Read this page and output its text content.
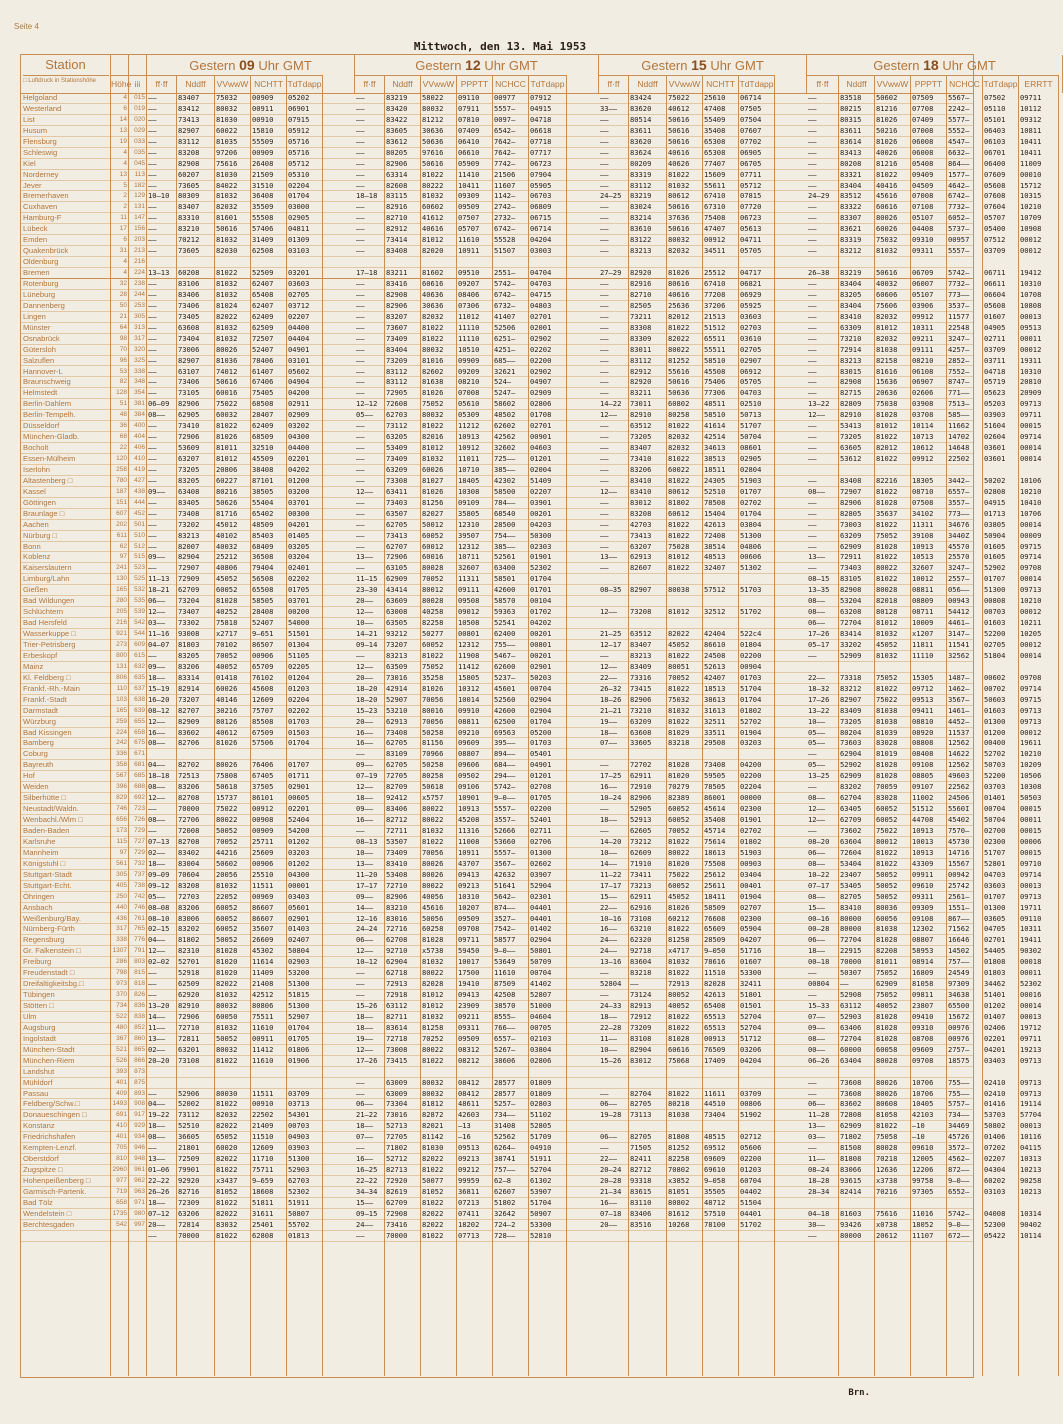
Seite 4
Mittwoch, den 13. Mai 1953
Station
□ Luftdruck in Stationshöhe	Höhe iii
Gestern 09 Uhr GMT
ff·ff	Nddff	VVwwW NCHTT TdTdapp
Gestern 12 Uhr GMT
ff·ff	Nddff	VVwwW PPPTT NCHCC TdTdapp
Gestern 15 Uhr GMT
ff·ff	Nddff	VVwwW NCHTT TdTdapp
Gestern 18 Uhr GMT
ff·ff	Nddff	VVwwW PPPTT NCHCC TdTdapp ERRTT
Helgoland	4	015 ——	83407	75032	00909	05202	——	83219	58022	09110	00977	07912	——	83424	75022	25610	06714	——	83518	50602	07509	5567—	07502	09711
Westerland	6	019 ——	83412	80032	00911	06901	——	83420	80032	07911	5557—	04915	33——	83620	40612	47408	07505	——	80215	81216	07708	2242—	05110	10112
List	14	020 ——	73413	81030	00910	07915	——	83422	81212	07810	0097—	04718	——	80514	50616	55409	07504	——	80315	81026	07409	5577—	05101	09312
Husum	13	029 ——	82907	60022	15810	05912	——	83605	30636	07409	6542—	06618	——	83611	50616	35408	07607	——	83611	50216	07008	5552—	06403	10811
Flensburg	19	033 ——	83112	81035	55509	05716	——	83612	50636	06410	7642—	07718	——	83620	50616	65308	07702	——	83614	81026	06008	4547—	06103	10411
Schleswig	4	035 ——	83208	97206	00909	05716	——	80205	97616	06610	7642—	07717	——	83624	40616	65308	06905	——	83413	40026	06008	6632—	06701	10411
Kiel	4	045 ——	82908	75616	26408	05712	——	82906	50616	05909	7742—	06723	——	80209	40626	77407	06705	——	80208	81216	05408	864——	06400	11009
Norderney	13	113 ——	60207	81030	21509	05310	——	63314	81022	11410	21506	07904	——	83319	81022	15609	07711	——	83321	81022	09409	1577—	07609	00010
Jever	5	182 ——	73605	84022	31510	02204	——	82608	80222	10411	11607	05905	——	83112	81032	55611	05712	——	83404	40416	04509	4642—	05608	15712
Bremerhaven	2	129 10–10	80309	81032	36408	01704	18–18	83115	81032	09309	1142—	06703	24–25	83219	80612	67410	07815	24–29	83512	45616	07008	6742—	07608	10315
Cuxhaven	2	131 ——	83407	82032	35509	03000	——	82916	60602	09509	2742—	06809	——	83024	50616	67310	07720	——	83322	60616	07108	7732—	07604	10210
Hamburg-F	11	147 ——	83310	81601	55508	02905	——	82710	41612	07507	2732—	06715	——	83214	37636	75408	06723	——	83307	80026	05107	6052—	05707	10709
Lübeck	17	156 ——	83210	50616	57406	04811	——	82912	40616	05707	6742—	06714	——	83610	50616	47407	05613	——	83621	60026	04408	5737—	05400	10908
Emden	6	203 ——	70212	81032	31409	01309	——	73414	81012	11610	55528	04204	——	83122	80032	00912	04711	——	83319	75032	09310	00957	07512	00012
Quakenbrück	31	213 ——	73605	82030	62508	03103	——	83408	82020	10911	51507	03003	——	83213	82032	34511	05705	——	83212	81032	09311	5557—	03709	00012
Oldenburg	4	216
Bremen	4	224 13–13	60208	81022	52509	03201	17–18	83211	81602	09510	2551—	04704	27–29	82920	81026	25512	04717	26–38	83219	50616	06709	5742—	06711	19412
Rotenburg	32	238 ——	83106	81032	62407	03603	——	83416	60616	09207	5742—	04703	——	82916	80616	67410	06821	——	83404	40032	06007	7732—	06611	10310
Lüneburg	28	244 ——	83406	81032	65408	02705	——	82908	40636	08406	6742—	04715	——	82710	40616	77208	06929	——	83205	60606	05107	773——	06604	10708
Dannenberg	50	253 ——	73406	81024	62407	03712	——	82906	30636	07306	6732—	04803	——	82505	25636	37206	05925	——	83404	75606	03906	3537—	05608	10808
Lingen	21	305 ——	73405	82022	62409	02207	——	83207	82032	11012	41407	02701	——	73211	82012	21513	03603	——	83410	82032	09912	11577	01607	00013
Münster	64	313 ——	63608	81032	62509	04400	——	73607	81022	11110	52506	02001	——	83308	81022	51512	02703	——	63309	81012	10311	22548	04905	09513
Osnabrück	98	317 ——	73404	81032	72507	04404	——	73409	81022	11110	6251—	02902	——	83309	82022	65511	03610	——	73210	82032	09211	3247—	02711	00011
Gütersloh	70	320 ——	73006	80026	52407	04901	——	83404	80032	10510	4251—	02202	——	83011	80022	55511	02705	——	72914	81038	09111	4257—	03709	00012
Salzuflen	96	325 ——	82907	81036	78406	03101	——	73209	81016	09909	685——	02200	——	83112	81252	58510	02907	——	83213	82158	08210	2852—	03711	19311
Hannover-L	53	338 ——	63107	74012	61407	05602	——	83112	82602	09209	32621	02902	——	82912	55616	45508	06912	——	83015	81616	06108	7552—	04718	10310
Braunschweig	82	348 ——	73406	50616	67406	04904	——	83112	81638	08210	524—	04907	——	82920	50616	75406	05705	——	82908	15636	06907	8747—	05719	20810
Helmstedt	128	354 ——	73105	60016	75405	04200	——	72905	81026	07008	5247—	02909	——	83211	50636	77306	04703	——	82715	20636	02606	771——	05623	20909
Berlin-Dahlem	51	381 06–09	82906	75022	68508	02911	12–12	72608	75052	05610	58602	02806	14–22	73011	60802	48511	02510	13–22	82809	75038	03908	7513—	05203	09713
Berlin-Tempelh.	48	384 08——	62905	60032	28407	02909	05——	62703	80032	05309	48502	01708	12——	82910	80258	58510	50713	12——	82910	81028	03708	585——	03903	09711
Düsseldorf	36	400 ——	73410	81022	62409	03202	——	73112	81022	11212	62602	02701	——	63512	81022	41614	51707	——	53413	81012	10114	11662	51604	00015
München-Gladb.	68	404 ——	72906	81026	68509	04300	——	63205	82016	10913	42562	00901	——	73205	82032	42514	50704	——	73205	81022	10713	14702	02604	09714
Bocholt	22	406 ——	53609	81011	32510	04400	——	53409	81012	10912	32602	04603	——	83407	82032	34613	08601	——	63605	82012	10612	14648	03601	00014
Essen-Mülheim	120	410 ——	63207	81012	45509	02201	——	73409	81032	11011	725——	01201	——	73410	81022	38513	02905	——	53612	81022	09912	22502	03601	00014
Iserlohn	258	419 ——	73205	20806	38408	04202	——	63209	60026	10710	385——	02004	——	83206	60022	18511	02804
Altastenberg □	780	427 ——	83205	60227	87101	01200	——	73308	81027	18405	42302	51409	——	83410	81022	24305	51903	——	83408	82216	18305	3442—	50202	10106
Kassel	187	438 09——	63408	80216	38505	03200	12——	63411	81026	10308	58500	02207	12——	83410	80612	52510	01707	08——	72907	81022	08710	6557—	02808	10210
Göttingen	151	444 ——	83405	50626	55404	03701	——	73403	81256	09109	784——	03901	——	83012	81802	78508	02702	——	82906	81028	07508	3557—	04915	10410
Braunlage □	607	452 ——	73408	81716	65402	00300	——	63507	82027	35805	68540	00201	——	83208	60612	15404	01704	——	82805	35637	34102	773——	01713	10706
Aachen	202	501 ——	73202	45012	48509	04201	——	62705	50012	12310	28500	04203	——	42703	81022	42613	03804	——	73003	81022	11311	34676	03805	00014
Nürburg □	611	510 ——	83213	40102	85403	01405	——	73413	60052	39507	754——	50300	——	73413	81022	72408	51300	——	63209	75052	39108	3440Z	50904	00009
Bonn	62	512 ——	82007	40032	68409	03205	——	62707	60012	12312	385——	02303	——	63207	75028	38514	04806	——	62909	81028	10913	45570	01605	09715
Koblenz	97	515 09——	82904	25212	36508	03204	13——	72906	60016	10711	52561	01901	13——	62913	81012	48513	00606	13——	72911	81022	10513	25570	01605	09714
Kaiserslautern	241	523 ——	72907	40806	79404	02401	——	63105	80028	32607	63400	52302	——	82607	81022	32407	51302	——	73403	80022	32607	3247—	52902	09708
Limburg/Lahn	130	525 11–13	72909	45052	56508	02202	11–15	62909	70052	11311	58501	01704	08–15	83105	81022	10012	2557—	01707	00014
Gießen	165	532 18–21	62709	60052	65508	01705	23–30	43414	80012	09111	42600	01701	08–35	82907	80038	57512	51703	13–35	82908	80028	08811	056——	51300	09713
Bad Wildungen	280	535 06——	73204	81028	58505	03701	20——	63609	80028	09508	58570	00104	08——	53204	82018	08809	00943	00808	10210
Schlüchtern	205	539 12——	73407	40252	28408	00200	12——	63008	40258	09012	59363	01702	12——	73208	81012	32512	51702	08——	63208	80128	08711	54412	00703	00012
Bad Hersfeld	216	542 03——	73302	75818	52407	54000	10——	63505	82258	10508	52541	04202	06——	72704	81012	10009	4461—	01603	10211
Wasserkuppe □	921	544 11–16	93008	x2717	9—651	51501	14–21	93212	50277	00801	62400	00201	21–25	63512	82022	42404	522c4	17–26	83414	81032	x1207	3147—	52200	10205
Trier-Petrisberg	273	609 04–07	81803	70102	86507	01304	09–14	73207	60052	12312	755——	00801	12–17	83407	45052	86610	01804	05–17	33202	45052	11811	11541	02705	00012
Erbeskopf	800	615 ——	83205	70052	00906	51105	——	83213	81022	11908	5467—	00201	——	83213	81022	24508	02200	——	52909	81032	11110	32562	51804	00014
Mainz	131	632 09——	83206	40052	65709	02205	12——	63509	75052	11412	62600	02901	12——	83409	80051	52613	00904
Kl. Feldberg □	806	635 18——	83314	01418	76102	01204	20——	73016	35258	15805	5237—	50203	22——	73316	70052	42407	01703	22——	73318	75052	15305	1487—	00602	09708
Frankf.-Rh.-Main	110	637 15–19	82914	60026	45608	01203	18–20	42914	81026	10312	45601	00704	26–32	73415	81022	18513	51704	18–32	83212	81022	09712	1462—	00702	09714
Frankf.-Stadt	103	638 16–20	73207	40146	12609	02204	18–20	52907	70056	10014	52560	02904	18–26	82906	75032	38613	01704	17–26	82907	75022	09513	3567—	50603	09715
Darmstadt	165	639 08–12	82707	30216	75707	02202	15–23	53210	80016	09910	42600	02904	21–21	73210	81032	31613	01802	13–22	83409	81038	09411	1461—	01603	09713
Würzburg	259	655 12——	82909	80126	85508	01703	20——	62913	70056	08811	62500	01704	19——	63209	81022	32511	52702	10——	73205	81038	08810	4452—	01300	09713
Bad Kissingen	224	658 16——	83602	40612	67509	01503	16——	73408	50258	09210	69563	05200	18——	63608	81029	33511	01904	05——	80204	81039	08920	11537	01200	00012
Bamberg	242	675 08——	82706	81026	57506	01704	16——	62705	81156	09609	395——	01703	07——	33605	83218	29508	03203	05——	73603	83028	08808	12562	00400	19611
Coburg	336	671	——	83109	70966	08807	894——	05401	——	62904	81019	08408	14622	52702	10210
Bayreuth	358	681 04——	82702	80026	76406	01707	09——	62705	50258	09606	684——	04901	——	72702	81028	73408	04200	05——	52902	81028	09108	12562	50703	10209
Hof	567	685 18–18	72513	75808	67405	01711	07–19	72705	80258	09502	294——	01201	17–25	62911	81020	59505	02200	13–25	62909	81028	08805	49603	52200	10506
Weiden	396	688 08——	83206	50618	37505	02901	12——	82709	50618	09106	5742—	02708	16——	72910	70279	78505	02204	——	83202	70059	09107	22562	03703	10308
Silberhütte □	829	692 12——	82708	15737	86101	00605	18——	92412	x5757	10901	9—0——	01705	10–24	82906	82389	86001	00000	08——	62704	83028	11002	24506	01401	50503
Neustadt/Waldn.	746	723 ——	70000	75022	00912	02201	09——	83406	80022	10913	5557—	02200	——	52905	60052	45614	02300	12——	63405	60052	51512	5560I	00704	00015
Wenbachl./Wlm □	656	726 08——	72706	80022	00908	52404	16——	82712	80022	45208	3557—	52401	18——	52913	60052	35408	01901	12——	62709	60052	44708	45402	50704	00011
Baden-Baden	173	729 ——	72008	50052	00909	54200	——	72711	81032	11316	52666	02711	——	62605	70052	45714	02702	——	73602	75022	10913	7570—	02700	00015
Karlsruhe	115	727 07–13	82708	70052	25711	01202	08–13	53507	81022	11008	53660	02706	14–20	73212	81022	75614	01802	08–20	63604	80012	10013	45730	02300	00006
Mannheim	97	729 02——	83402	44216	25609	03203	10——	73409	70056	10911	5557—	01300	10——	62609	80022	18613	51903	06——	72604	81022	10913	14716	51707	00015
Königstuhl □	561	732 18——	83004	50602	00906	01202	13——	83410	80026	43707	3567—	02602	14——	71910	81020	75508	00903	08——	53404	81022	43309	15567	52801	09710
Stuttgart-Stadt	305	737 09–09	70604	20056	25510	04300	11–20	53408	80026	09413	42632	03907	11–22	73411	75022	25612	03404	10–22	23407	50052	09911	00942	04703	09714
Stuttgart-Echt.	405	738 09–12	83208	81032	11511	00001	17–17	72710	80022	09213	51641	52904	17–17	73213	60052	25611	00401	07–17	53405	50052	09610	25742	03603	00013
Öhringen	250	742 05——	72703	22052	00969	03403	09——	82906	40056	10310	5642—	02301	15——	62911	45052	18411	01904	08——	82705	50052	09311	2561—	01707	09713
Ansbach	440	746 08–08	83206	60052	86607	05601	14——	83210	45616	10207	874——	04401	22——	62916	81026	58509	02707	15——	83410	80036	09309	1551—	01300	19711
Weißenburg/Bay.	436	761 08–10	83006	60052	86607	02901	12–16	83016	50056	09509	3527—	04401	10–16	73108	60212	76608	02300	00–16	80000	60056	09108	867——	03605	09110
Nürnberg-Fürth	317	765 02–15	83202	60052	35607	01403	24–24	72716	60258	09708	7542—	01402	16——	63210	81022	65609	05904	00–28	80000	81038	12302	71562	04705	10311
Regensburg	338	776 04——	81802	50052	26609	02407	06——	62708	81028	09711	58577	02904	24——	62320	81258	28509	04207	06——	72704	81028	08807	16646	02701	19411
Gr. Falkenstein □	1307	791 12——	82310	81028	45302	50804	12——	92710	x5738	59450	9—0——	50801	24——	92718	x4717	9—050	51716	18——	22915	82208	58953	14502	54405	90302
Freiburg	286	803 02–02	52701	81020	11614	02903	10–12	62904	81032	10017	53649	50709	13–16	83604	81032	78616	01607	00–18	70000	81011	08914	757——	01808	00018
Freudenstadt □	798	815 ——	52918	81020	11409	53200	——	62718	80022	17500	11610	00704	——	83218	81022	11510	53300	——	50307	75052	16809	24549	01803	00011
Dreifaltigkeitsbg.□	973	818 ——	62509	82022	21408	51300	——	72913	82028	19410	87509	41402	52804	——	72913	82028	32411	00804	——	62909	81058	97309	34462	52302
Tübingen	370	826 ——	62920	81032	42512	51815	——	72918	81012	09413	42508	52807	——	73124	80052	42613	51801	——	52908	75052	09811	34638	51401	00016
Stötten □	734	836 13–20	82910	80032	80806	51300	15–26	63112	81012	23909	38570	51000	24–33	82913	40052	65408	01501	15–33	63112	40052	23807	65500	01202	00014
Ulm	522	838 14——	72906	60050	75511	52907	18——	82711	81032	09211	8555—	04604	18——	72912	81022	65513	52704	07——	52903	81028	09410	15672	01407	00013
Augsburg	480	852 11——	72710	81032	11610	01704	18——	83614	81258	09311	766——	00705	22–28	73209	81022	65513	52704	09——	63406	81028	09310	00976	02406	19712
Ingolstadt	367	860 13——	72811	50052	00911	01705	19——	72718	70252	09509	6557—	02103	11——	83108	81028	00913	51712	08——	72704	81028	08708	00976	02201	09711
München-Stadt	521	865 02——	63201	80032	11412	01806	12——	73008	80022	08312	5267—	03804	10——	82904	60616	76509	03206	00——	60000	60058	09609	2757—	04201	19213
München-Riem	526	866 20–20	73108	81022	11610	01906	17–26	73415	81022	08212	38606	02806	15–26	83012	75068	17409	04204	06–26	63404	80028	09708	18575	03403	09713
Landshut	393	873
Mühldorf	401	875	——	63009	80032	08412	28577	01809	——	73608	80026	10706	755——	02410	09713
Passau	409	893 ——	52906	80030	11511	03709	——	63009	80032	08412	28577	01809	——	82704	81022	11611	03709	——	73608	80026	10706	755——	02410	09713
Feldberg/Schw.□	1493	908 04——	52002	81022	00910	03713	06——	73304	81812	48611	5257—	02803	06——	82705	80218	44510	00806	06——	83602	80608	10405	5757—	01416	19114
Donaueschingen □	691	917 19–22	73112	82032	22502	54301	21–22	73016	82872	42603	734——	51102	19–28	73113	81038	73404	51902	11–28	72808	81058	42103	734——	53703	57704
Konstanz	410	929 18——	52510	82022	21409	00703	18——	52713	82021	—13	31408	52805	13——	62909	81022	—10	34469	50802	00013
Friedrichshafen	401	934 08——	36605	65052	11510	04903	07——	72705	81142	—16	52562	51709	06——	82705	81808	48515	02712	03——	71802	75058	—10	45726	01406	10116
Kempten-Lenzf.	705	946 ——	21801	60020	12609	03903	——	71802	81030	09513	6264—	04910	——	71505	81252	69512	05606	——	81508	80028	09610	3572—	07202	04115
Oberstdorf	810	948 13——	72509	82022	11710	51300	16——	52712	82022	09213	38741	51911	22——	82411	82258	69609	02200	11——	81808	70218	12005	4562—	02207	10313
Zugspitze □	2960	961 01–06	79901	81022	75711	52903	16–25	82713	81022	09212	757——	52704	20–24	82712	70802	69610	01203	08–24	83066	12636	12206	872——	04304	10213
Hohenpeißenberg □	977	962 22–22	92920	x3437	9—659	62703	22–22	72920	50077	99959	62—8	61302	20–28	93318	x3852	9—058	60704	18–28	93615	x3738	99758	9—0——	60202	90258
Garmisch-Partenk.	719	963 26–26	82716	81052	18608	52302	34–34	82619	81052	36811	62607	53907	21–34	83615	81051	35505	04402	28–34	82414	70216	97305	6552—	03103	10213
Bad Tölz	658	971 18——	72309	81022	51811	51911	15——	62709	81022	07213	51802	51704	16——	83110	80802	48712	51504
Wendelstein □	1735	980 07–12	63206	82022	31611	50807	09–15	72908	82022	07411	32642	50907	07–18	83406	81612	57510	04401	04–18	81603	75616	11016	5742—	04008	10314
Berchtesgaden	542	997 20——	72814	83032	25401	55702	24——	73416	82022	18202	724—2	53300	20——	83516	10268	78100	51702	30——	93426	x0738	18052	9—0——	52300	90402
——	70000	81022	62808	01813	——	70000	81022	07713	728——	52810	——	80000	20612	11107	672——	05422	10114
Brn.
